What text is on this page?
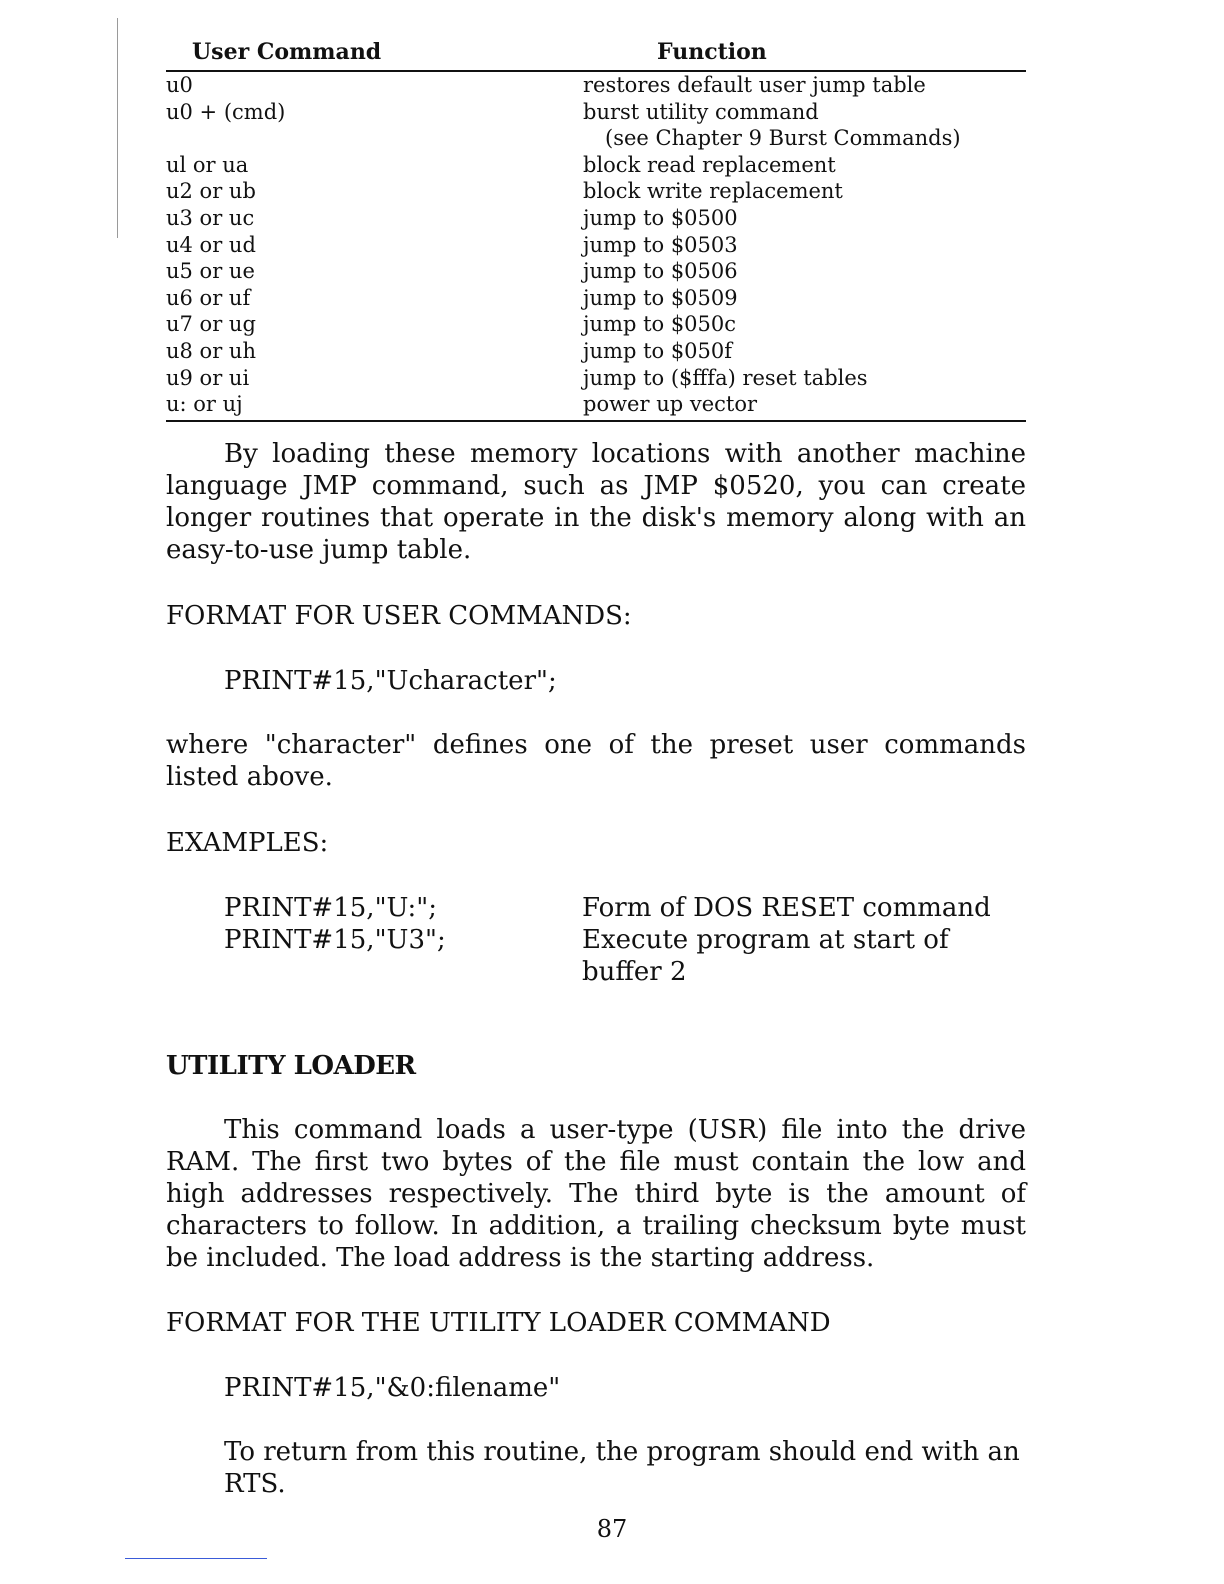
User Command	Function
u0	restores default user jump table
u0 + (cmd)	burst utility command
(see Chapter 9 Burst Commands)
ul or ua	block read replacement
u2 or ub	block write replacement
u3 or uc	jump to $0500
u4 or ud	jump to $0503
u5 or ue	jump to $0506
u6 or uf	jump to $0509
u7 or ug	jump to $050c
u8 or uh	jump to $050f
u9 or ui	jump to ($fffa) reset tables
u: or uj	power up vector

By loading these memory locations with another machine language JMP command, such as JMP $0520, you can create longer routines that operate in the disk's memory along with an easy-to-use jump table.

FORMAT FOR USER COMMANDS:

PRINT#15,"Ucharacter";

where "character" defines one of the preset user commands listed above.

EXAMPLES:

PRINT#15,"U:";	Form of DOS RESET command
PRINT#15,"U3";	Execute program at start of buffer 2

UTILITY LOADER

This command loads a user-type (USR) file into the drive RAM. The first two bytes of the file must contain the low and high addresses respectively. The third byte is the amount of characters to follow. In addition, a trailing checksum byte must be included. The load address is the starting address.

FORMAT FOR THE UTILITY LOADER COMMAND

PRINT#15,"&0:filename"

To return from this routine, the program should end with an RTS.

87
